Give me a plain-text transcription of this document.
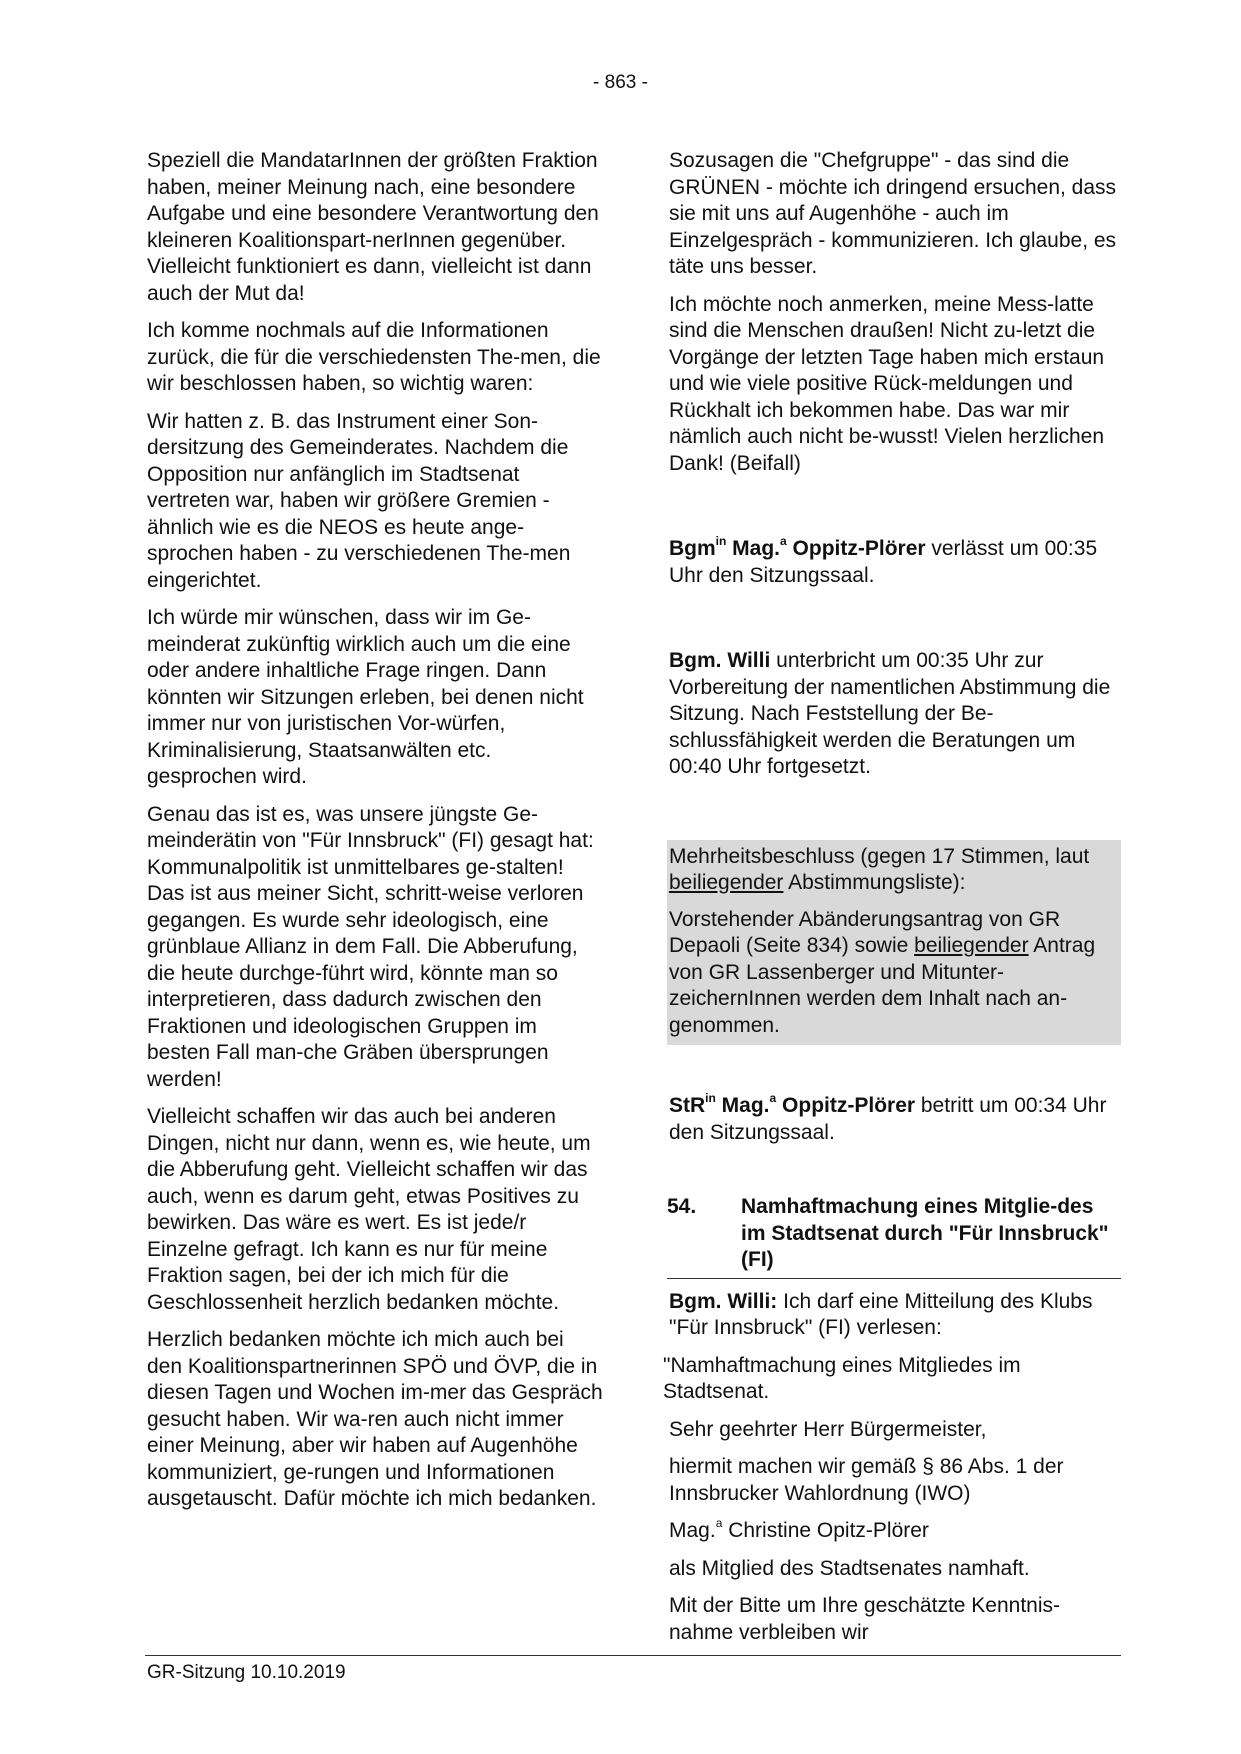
- 863 -

Speziell die MandatarInnen der größten Fraktion haben, meiner Meinung nach, eine besondere Aufgabe und eine besondere Verantwortung den kleineren Koalitionspart-nerInnen gegenüber. Vielleicht funktioniert es dann, vielleicht ist dann auch der Mut da!

Ich komme nochmals auf die Informationen zurück, die für die verschiedensten The-men, die wir beschlossen haben, so wichtig waren:

Wir hatten z. B. das Instrument einer Son-dersitzung des Gemeinderates. Nachdem die Opposition nur anfänglich im Stadtsenat vertreten war, haben wir größere Gremien - ähnlich wie es die NEOS es heute ange-sprochen haben - zu verschiedenen The-men eingerichtet.

Ich würde mir wünschen, dass wir im Ge-meinderat zukünftig wirklich auch um die eine oder andere inhaltliche Frage ringen. Dann könnten wir Sitzungen erleben, bei denen nicht immer nur von juristischen Vor-würfen, Kriminalisierung, Staatsanwälten etc. gesprochen wird.

Genau das ist es, was unsere jüngste Ge-meinderätin von "Für Innsbruck" (FI) gesagt hat: Kommunalpolitik ist unmittelbares ge-stalten! Das ist aus meiner Sicht, schritt-weise verloren gegangen. Es wurde sehr ideologisch, eine grünblaue Allianz in dem Fall. Die Abberufung, die heute durchge-führt wird, könnte man so interpretieren, dass dadurch zwischen den Fraktionen und ideologischen Gruppen im besten Fall man-che Gräben übersprungen werden!

Vielleicht schaffen wir das auch bei anderen Dingen, nicht nur dann, wenn es, wie heute, um die Abberufung geht. Vielleicht schaffen wir das auch, wenn es darum geht, etwas Positives zu bewirken. Das wäre es wert. Es ist jede/r Einzelne gefragt. Ich kann es nur für meine Fraktion sagen, bei der ich mich für die Geschlossenheit herzlich bedanken möchte.

Herzlich bedanken möchte ich mich auch bei den Koalitionspartnerinnen SPÖ und ÖVP, die in diesen Tagen und Wochen im-mer das Gespräch gesucht haben. Wir wa-ren auch nicht immer einer Meinung, aber wir haben auf Augenhöhe kommuniziert, ge-rungen und Informationen ausgetauscht. Dafür möchte ich mich bedanken.

Sozusagen die "Chefgruppe" - das sind die GRÜNEN - möchte ich dringend ersuchen, dass sie mit uns auf Augenhöhe - auch im Einzelgespräch - kommunizieren. Ich glaube, es täte uns besser.

Ich möchte noch anmerken, meine Mess-latte sind die Menschen draußen! Nicht zu-letzt die Vorgänge der letzten Tage haben mich erstaun und wie viele positive Rück-meldungen und Rückhalt ich bekommen habe. Das war mir nämlich auch nicht be-wusst! Vielen herzlichen Dank! (Beifall)

Bgm$^{in}$ Mag.$^a$ Oppitz-Plörer verlässt um 00:35 Uhr den Sitzungssaal.

Bgm. Willi unterbricht um 00:35 Uhr zur Vorbereitung der namentlichen Abstimmung die Sitzung. Nach Feststellung der Be-schlussfähigkeit werden die Beratungen um 00:40 Uhr fortgesetzt.

Mehrheitsbeschluss (gegen 17 Stimmen, laut beiliegender Abstimmungsliste):

Vorstehender Abänderungsantrag von GR Depaoli (Seite 834) sowie beiliegender Antrag von GR Lassenberger und Mitunter-zeichernInnen werden dem Inhalt nach an-genommen.

StR$^{in}$ Mag.$^a$ Oppitz-Plörer betritt um 00:34 Uhr den Sitzungssaal.

54.	Namhaftmachung eines Mitglie-des im Stadtsenat durch "Für Innsbruck" (FI)

Bgm. Willi: Ich darf eine Mitteilung des Klubs "Für Innsbruck" (FI) verlesen:

"Namhaftmachung eines Mitgliedes im Stadtsenat.

Sehr geehrter Herr Bürgermeister,

hiermit machen wir gemäß § 86 Abs. 1 der Innsbrucker Wahlordnung (IWO)

Mag.$^a$ Christine Opitz-Plörer

als Mitglied des Stadtsenates namhaft.

Mit der Bitte um Ihre geschätzte Kenntnis-nahme verbleiben wir

GR-Sitzung 10.10.2019
